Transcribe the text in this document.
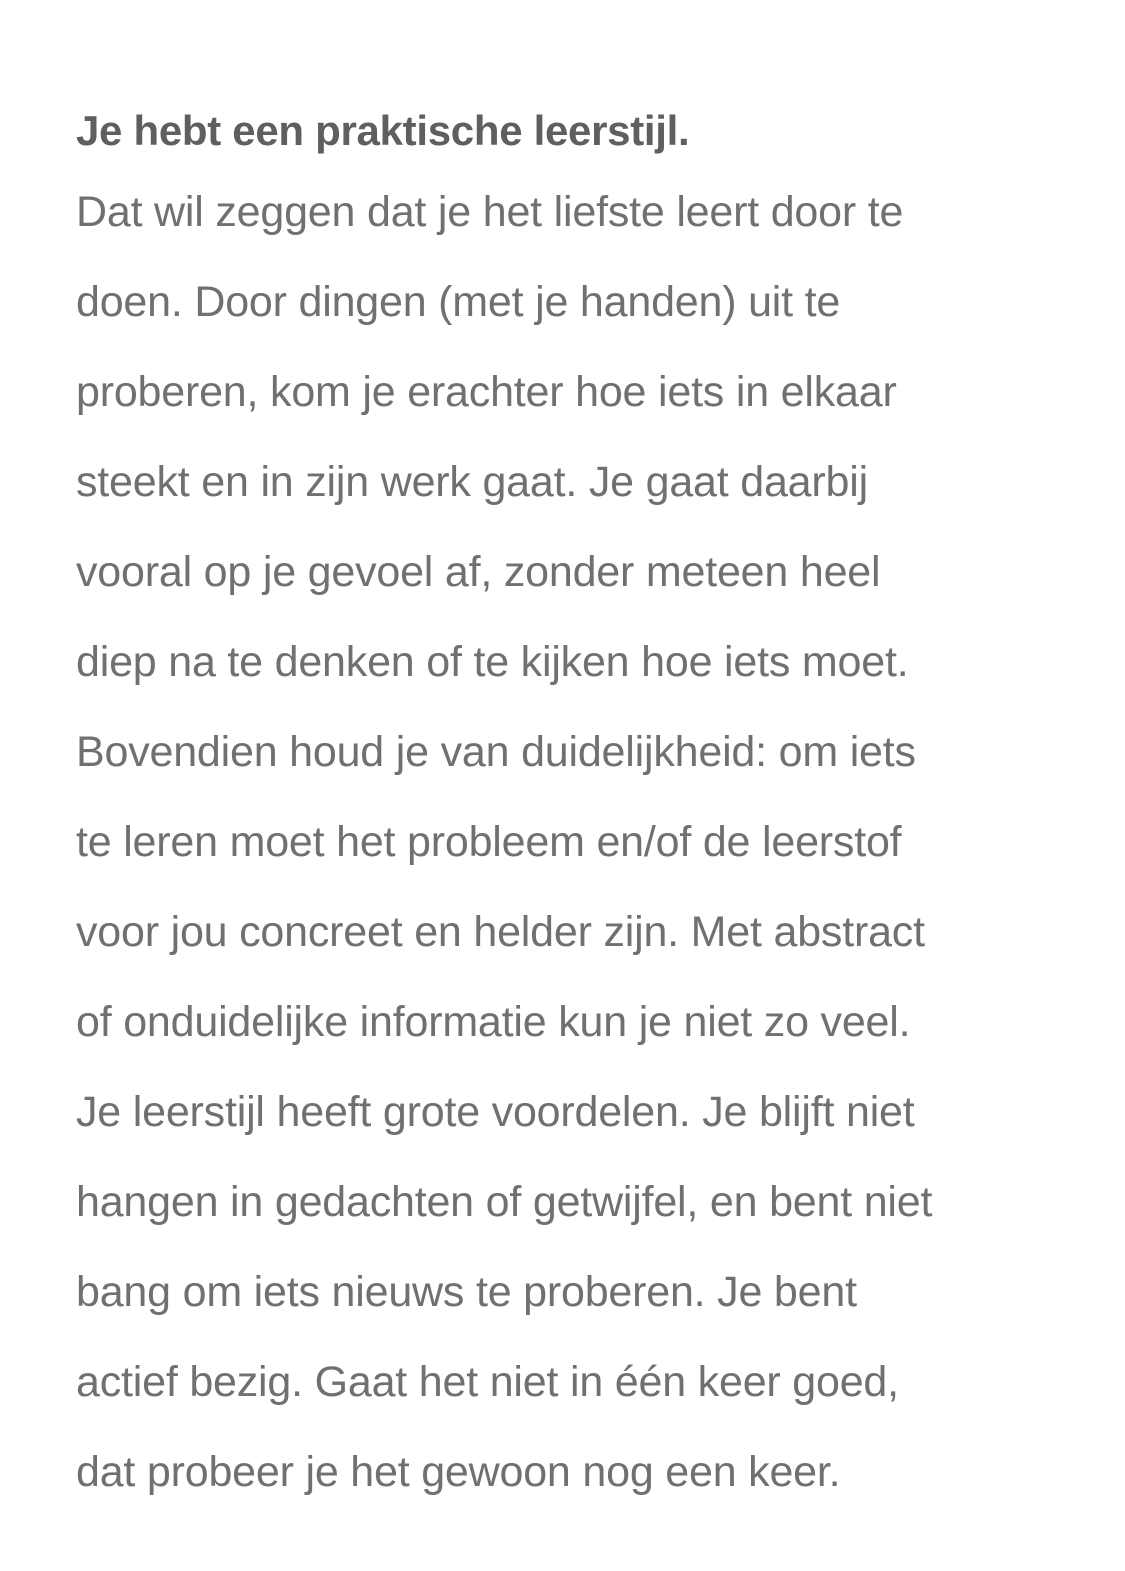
Je hebt een praktische leerstijl.
Dat wil zeggen dat je het liefste leert door te
doen. Door dingen (met je handen) uit te
proberen, kom je erachter hoe iets in elkaar
steekt en in zijn werk gaat. Je gaat daarbij
vooral op je gevoel af, zonder meteen heel
diep na te denken of te kijken hoe iets moet.
Bovendien houd je van duidelijkheid: om iets
te leren moet het probleem en/of de leerstof
voor jou concreet en helder zijn. Met abstract
of onduidelijke informatie kun je niet zo veel.
Je leerstijl heeft grote voordelen. Je blijft niet
hangen in gedachten of getwijfel, en bent niet
bang om iets nieuws te proberen. Je bent
actief bezig. Gaat het niet in één keer goed,
dat probeer je het gewoon nog een keer.
